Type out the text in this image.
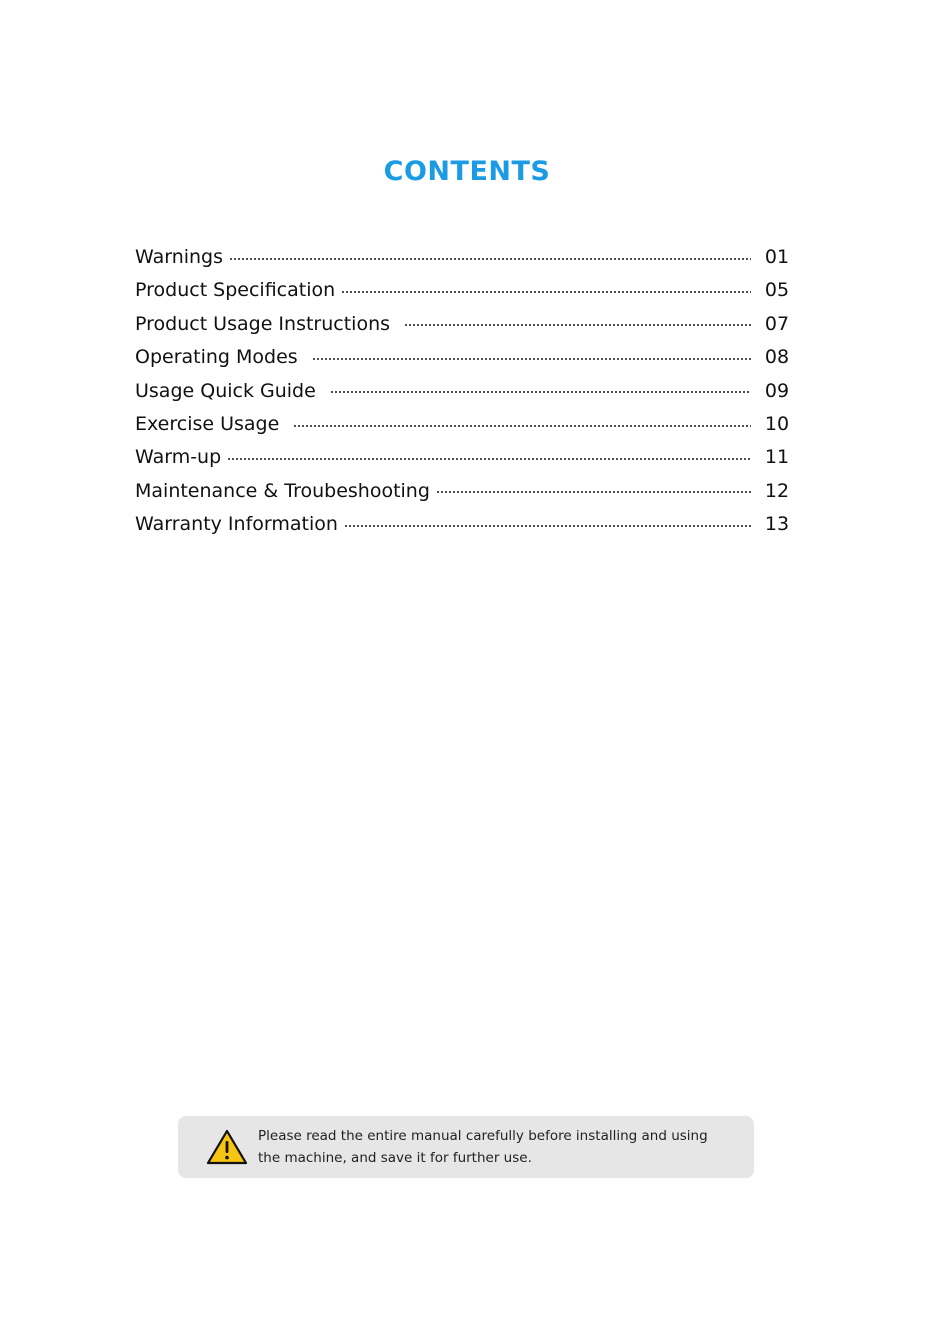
CONTENTS
Warnings	01
Product Specification	05
Product Usage Instructions	07
Operating Modes	08
Usage Quick Guide	09
Exercise Usage	10
Warm-up	11
Maintenance & Troubeshooting	12
Warranty Information	13
Please read the entire manual carefully before installing and using
the machine, and save it for further use.
